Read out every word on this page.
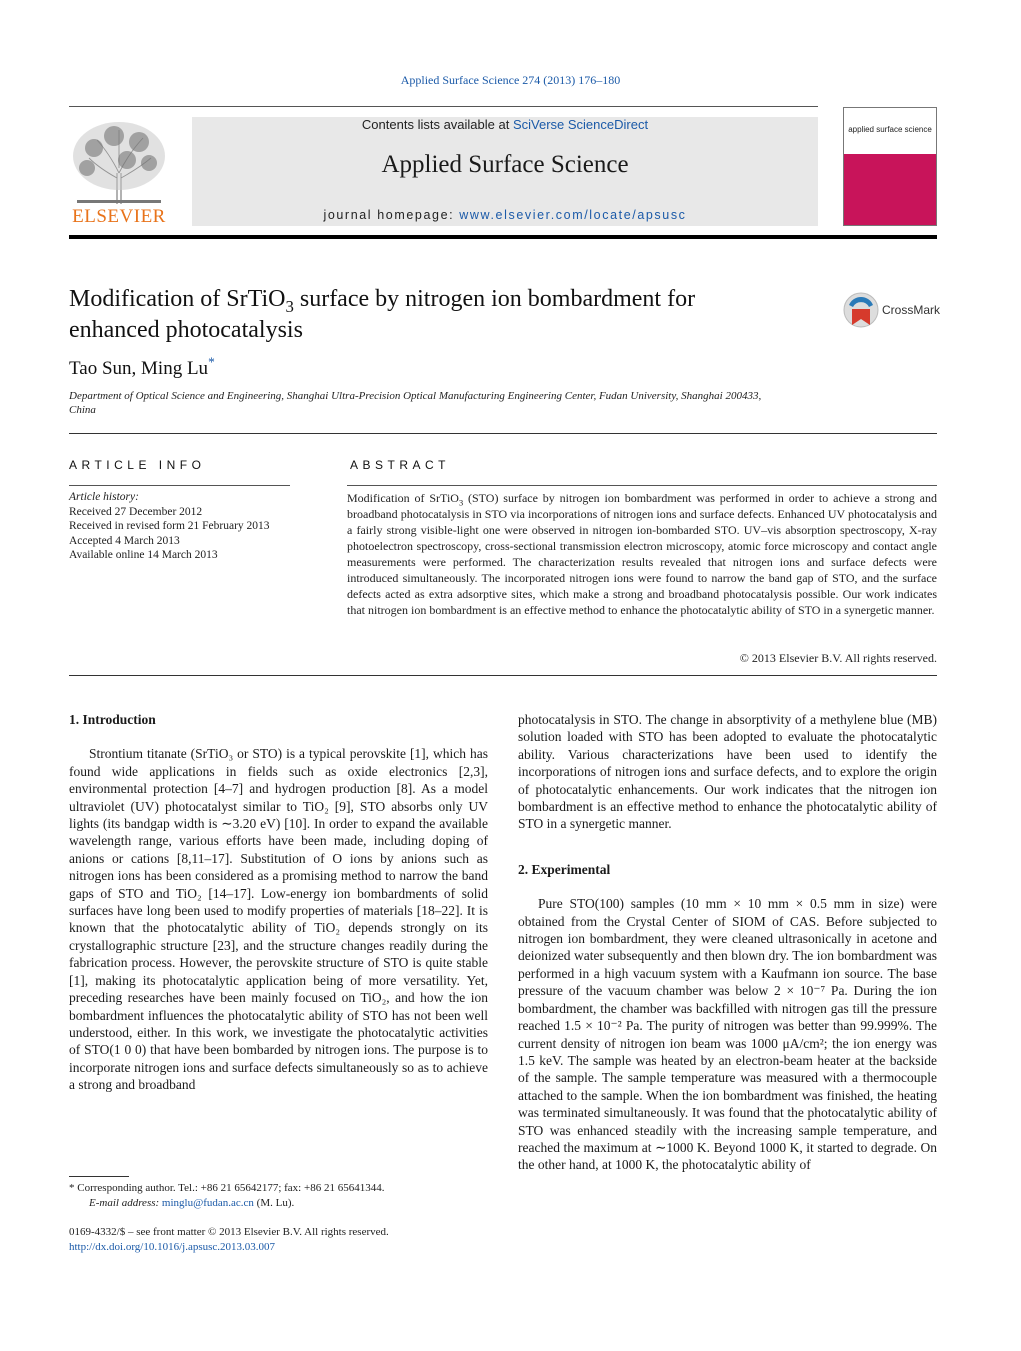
Applied Surface Science 274 (2013) 176–180
ELSEVIER
Contents lists available at SciVerse ScienceDirect
Applied Surface Science
journal homepage: www.elsevier.com/locate/apsusc
applied surface science
Modification of SrTiO$_3$ surface by nitrogen ion bombardment for enhanced photocatalysis
CrossMark
Tao Sun, Ming Lu*
Department of Optical Science and Engineering, Shanghai Ultra-Precision Optical Manufacturing Engineering Center, Fudan University, Shanghai 200433, China
ARTICLE INFO
Article history:
Received 27 December 2012
Received in revised form 21 February 2013
Accepted 4 March 2013
Available online 14 March 2013
ABSTRACT
Modification of SrTiO$_3$ (STO) surface by nitrogen ion bombardment was performed in order to achieve a strong and broadband photocatalysis in STO via incorporations of nitrogen ions and surface defects. Enhanced UV photocatalysis and a fairly strong visible-light one were observed in nitrogen ion-bombarded STO. UV–vis absorption spectroscopy, X-ray photoelectron spectroscopy, cross-sectional transmission electron microscopy, atomic force microscopy and contact angle measurements were performed. The characterization results revealed that nitrogen ions and surface defects were introduced simultaneously. The incorporated nitrogen ions were found to narrow the band gap of STO, and the surface defects acted as extra adsorptive sites, which make a strong and broadband photocatalysis possible. Our work indicates that nitrogen ion bombardment is an effective method to enhance the photocatalytic ability of STO in a synergetic manner.
© 2013 Elsevier B.V. All rights reserved.
1. Introduction

Strontium titanate (SrTiO₃ or STO) is a typical perovskite [1], which has found wide applications in fields such as oxide electronics [2,3], environmental protection [4–7] and hydrogen production [8]. As a model ultraviolet (UV) photocatalyst similar to TiO₂ [9], STO absorbs only UV lights (its bandgap width is ∼3.20 eV) [10]. In order to expand the available wavelength range, various efforts have been made, including doping of anions or cations [8,11–17]. Substitution of O ions by anions such as nitrogen ions has been considered as a promising method to narrow the band gaps of STO and TiO₂ [14–17]. Low-energy ion bombardments of solid surfaces have long been used to modify properties of materials [18–22]. It is known that the photocatalytic ability of TiO₂ depends strongly on its crystallographic structure [23], and the structure changes readily during the fabrication process. However, the perovskite structure of STO is quite stable [1], making its photocatalytic application being of more versatility. Yet, preceding researches have been mainly focused on TiO₂, and how the ion bombardment influences the photocatalytic ability of STO has not been well understood, either. In this work, we investigate the photocatalytic activities of STO(1 0 0) that have been bombarded by nitrogen ions. The purpose is to incorporate nitrogen ions and surface defects simultaneously so as to achieve a strong and broadband

photocatalysis in STO. The change in absorptivity of a methylene blue (MB) solution loaded with STO has been adopted to evaluate the photocatalytic ability. Various characterizations have been used to identify the incorporations of nitrogen ions and surface defects, and to explore the origin of photocatalytic enhancements. Our work indicates that the nitrogen ion bombardment is an effective method to enhance the photocatalytic ability of STO in a synergetic manner.

2. Experimental

Pure STO(100) samples (10 mm × 10 mm × 0.5 mm in size) were obtained from the Crystal Center of SIOM of CAS. Before subjected to nitrogen ion bombardment, they were cleaned ultrasonically in acetone and deionized water subsequently and then blown dry. The ion bombardment was performed in a high vacuum system with a Kaufmann ion source. The base pressure of the vacuum chamber was below 2 × 10⁻⁷ Pa. During the ion bombardment, the chamber was backfilled with nitrogen gas till the pressure reached 1.5 × 10⁻² Pa. The purity of nitrogen was better than 99.999%. The current density of nitrogen ion beam was 1000 μA/cm²; the ion energy was 1.5 keV. The sample was heated by an electron-beam heater at the backside of the sample. The sample temperature was measured with a thermocouple attached to the sample. When the ion bombardment was finished, the heating was terminated simultaneously. It was found that the photocatalytic ability of STO was enhanced steadily with the increasing sample temperature, and reached the maximum at ∼1000 K. Beyond 1000 K, it started to degrade. On the other hand, at 1000 K, the photocatalytic ability of

* Corresponding author. Tel.: +86 21 65642177; fax: +86 21 65641344.
E-mail address: minglu@fudan.ac.cn (M. Lu).
0169-4332/$ – see front matter © 2013 Elsevier B.V. All rights reserved.
http://dx.doi.org/10.1016/j.apsusc.2013.03.007
